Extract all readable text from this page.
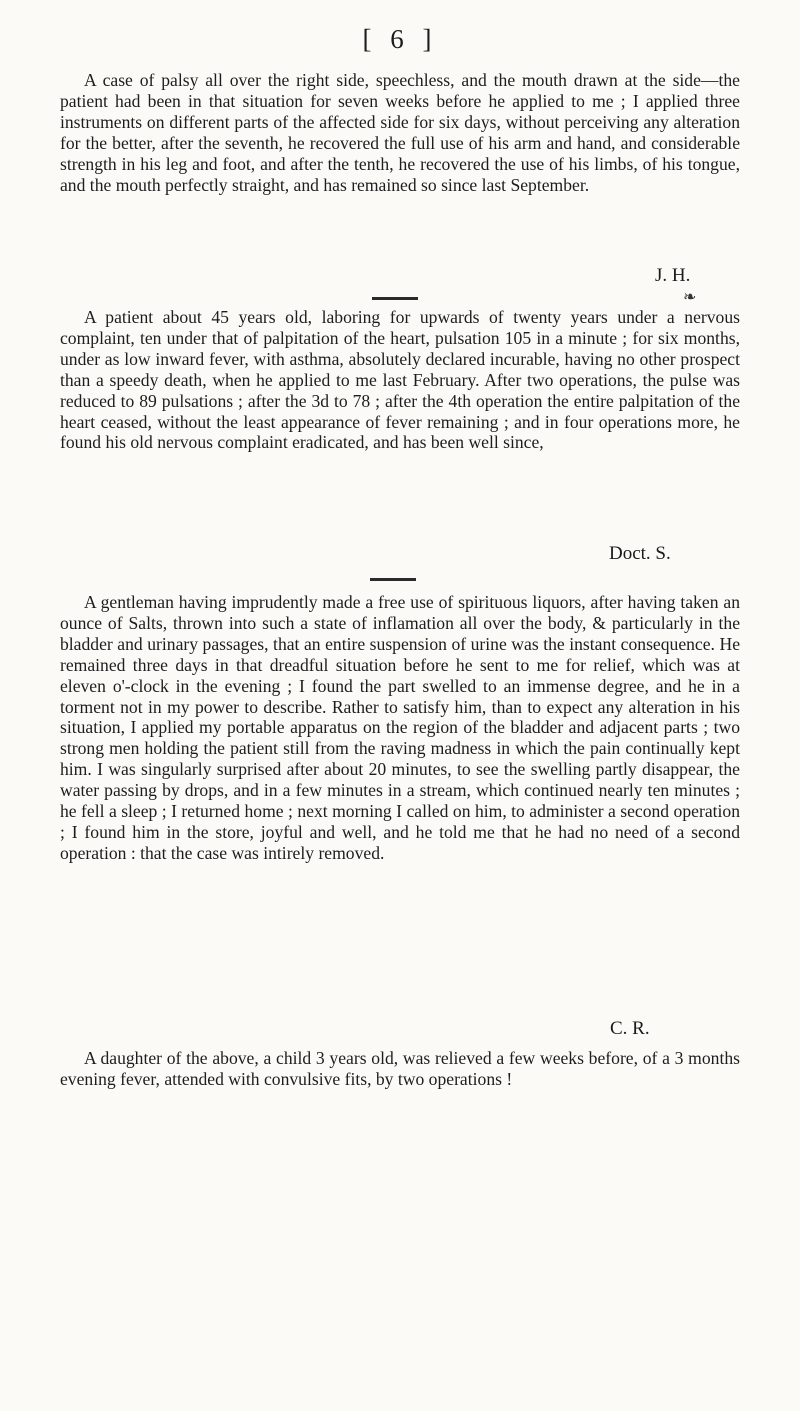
[ 6 ]

A case of palsy all over the right side, speechless, and the mouth drawn at the side—the patient had been in that situation for seven weeks before he applied to me ; I applied three instruments on different parts of the affected side for six days, without perceiving any alteration for the better, after the seventh, he recovered the full use of his arm and hand, and considerable strength in his leg and foot, and after the tenth, he recovered the use of his limbs, of his tongue, and the mouth perfectly straight, and has remained so since last September.

J. H.
❧

A patient about 45 years old, laboring for upwards of twenty years under a nervous complaint, ten under that of palpitation of the heart, pulsation 105 in a minute ; for six months, under as low inward fever, with asthma, absolutely declared incurable, having no other prospect than a speedy death, when he applied to me last February. After two operations, the pulse was reduced to 89 pulsations ; after the 3d to 78 ; after the 4th operation the entire palpitation of the heart ceased, without the least appearance of fever remaining ; and in four operations more, he found his old nervous complaint eradicated, and has been well since,

Doct. S.

A gentleman having imprudently made a free use of spirituous liquors, after having taken an ounce of Salts, thrown into such a state of inflamation all over the body, & particularly in the bladder and urinary passages, that an entire suspension of urine was the instant consequence. He remained three days in that dreadful situation before he sent to me for relief, which was at eleven o'-clock in the evening ; I found the part swelled to an immense degree, and he in a torment not in my power to describe. Rather to satisfy him, than to expect any alteration in his situation, I applied my portable apparatus on the region of the bladder and adjacent parts ; two strong men holding the patient still from the raving madness in which the pain continually kept him. I was singularly surprised after about 20 minutes, to see the swelling partly disappear, the water passing by drops, and in a few minutes in a stream, which continued nearly ten minutes ; he fell a sleep ; I returned home ; next morning I called on him, to administer a second operation ; I found him in the store, joyful and well, and he told me that he had no need of a second operation : that the case was intirely removed.

C. R.

A daughter of the above, a child 3 years old, was relieved a few weeks before, of a 3 months evening fever, attended with convulsive fits, by two operations !
